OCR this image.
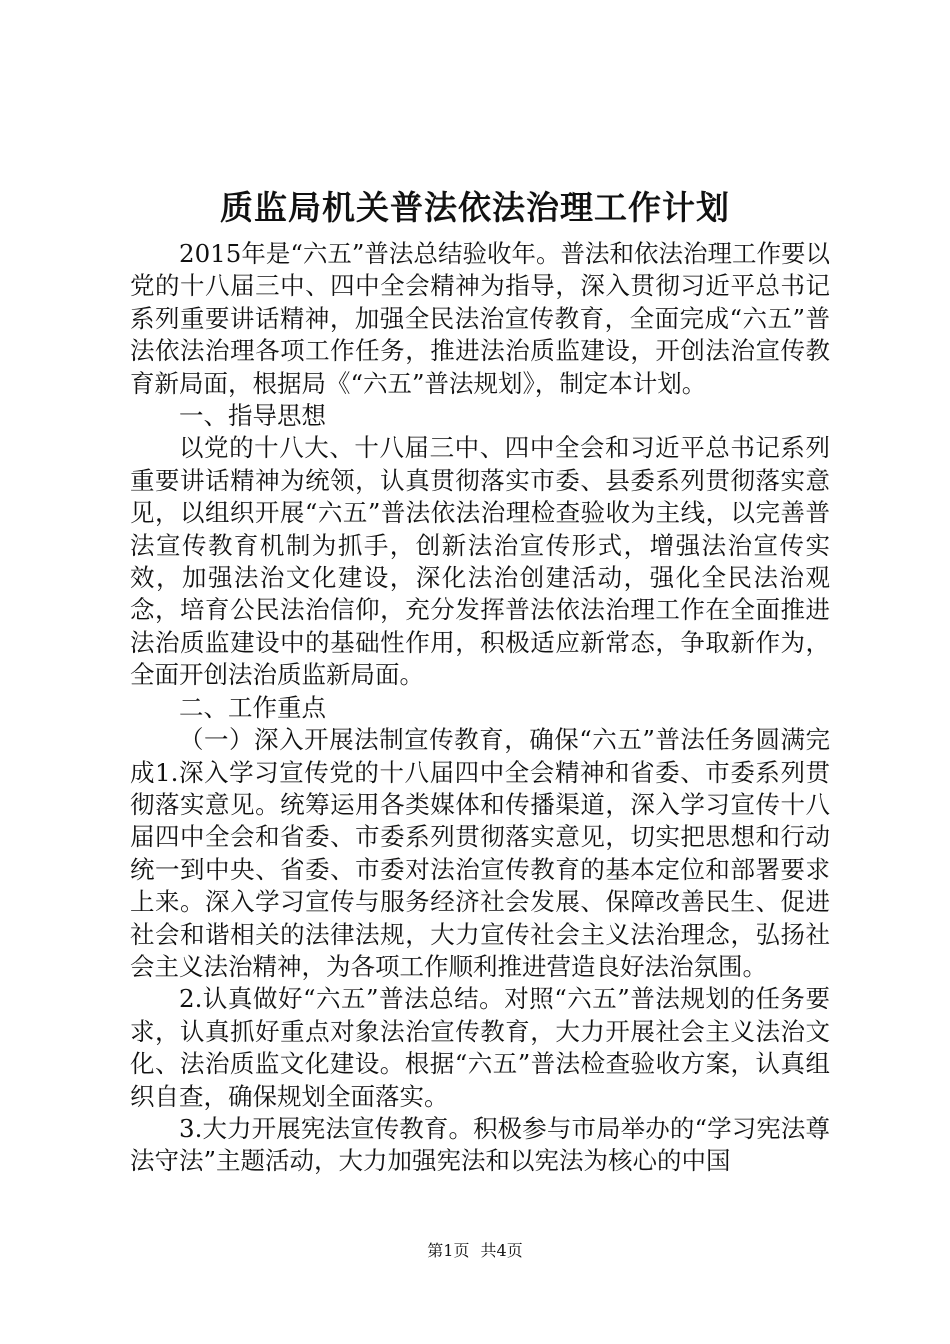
质监局机关普法依法治理工作计划

2015年是“六五”普法总结验收年。普法和依法治理工作要以党的十八届三中、四中全会精神为指导，深入贯彻习近平总书记系列重要讲话精神，加强全民法治宣传教育，全面完成“六五”普法依法治理各项工作任务，推进法治质监建设，开创法治宣传教育新局面，根据局《“六五”普法规划》，制定本计划。

一、指导思想

以党的十八大、十八届三中、四中全会和习近平总书记系列重要讲话精神为统领，认真贯彻落实市委、县委系列贯彻落实意见，以组织开展“六五”普法依法治理检查验收为主线，以完善普法宣传教育机制为抓手，创新法治宣传形式，增强法治宣传实效，加强法治文化建设，深化法治创建活动，强化全民法治观念，培育公民法治信仰，充分发挥普法依法治理工作在全面推进法治质监建设中的基础性作用，积极适应新常态，争取新作为，全面开创法治质监新局面。

二、工作重点

（一）深入开展法制宣传教育，确保“六五”普法任务圆满完成1.深入学习宣传党的十八届四中全会精神和省委、市委系列贯彻落实意见。统筹运用各类媒体和传播渠道，深入学习宣传十八届四中全会和省委、市委系列贯彻落实意见，切实把思想和行动统一到中央、省委、市委对法治宣传教育的基本定位和部署要求上来。深入学习宣传与服务经济社会发展、保障改善民生、促进社会和谐相关的法律法规，大力宣传社会主义法治理念，弘扬社会主义法治精神，为各项工作顺利推进营造良好法治氛围。

2.认真做好“六五”普法总结。对照“六五”普法规划的任务要求，认真抓好重点对象法治宣传教育，大力开展社会主义法治文化、法治质监文化建设。根据“六五”普法检查验收方案，认真组织自查，确保规划全面落实。

3.大力开展宪法宣传教育。积极参与市局举办的“学习宪法尊法守法”主题活动，大力加强宪法和以宪法为核心的中国

第1页 共4页
